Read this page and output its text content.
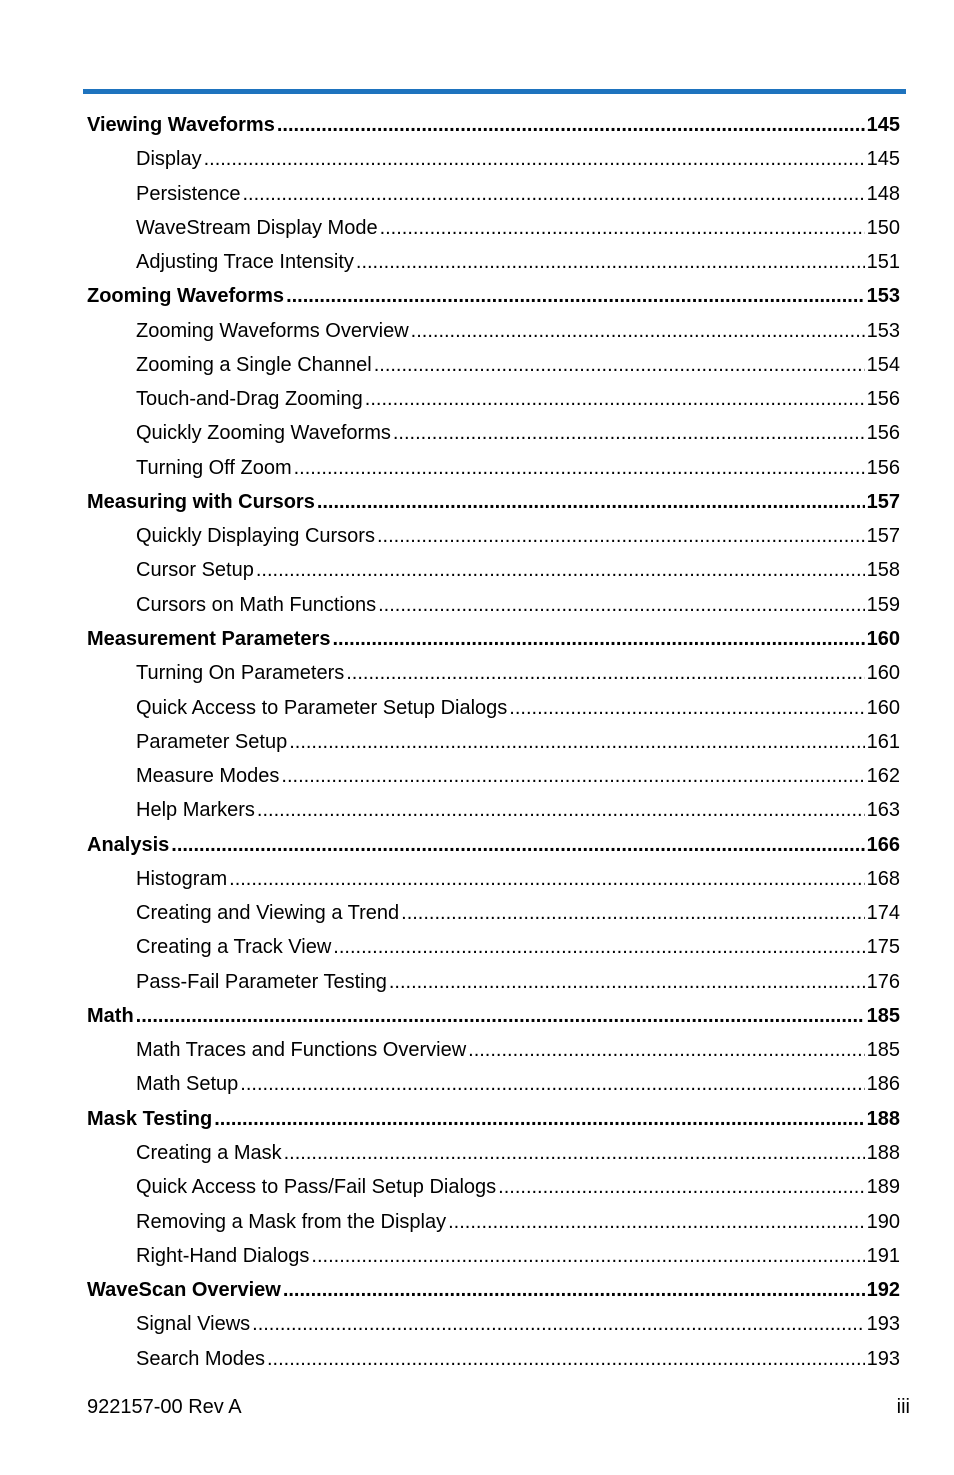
Viewing Waveforms .....	145
Display .....	145
Persistence .....	148
WaveStream Display Mode .....	150
Adjusting Trace Intensity .....	151
Zooming Waveforms .....	153
Zooming Waveforms Overview .....	153
Zooming a Single Channel .....	154
Touch-and-Drag Zooming .....	156
Quickly Zooming Waveforms .....	156
Turning Off Zoom .....	156
Measuring with Cursors .....	157
Quickly Displaying Cursors .....	157
Cursor Setup .....	158
Cursors on Math Functions .....	159
Measurement Parameters .....	160
Turning On Parameters .....	160
Quick Access to Parameter Setup Dialogs .....	160
Parameter Setup .....	161
Measure Modes .....	162
Help Markers .....	163
Analysis .....	166
Histogram .....	168
Creating and Viewing a Trend .....	174
Creating a Track View .....	175
Pass-Fail Parameter Testing .....	176
Math .....	185
Math Traces and Functions Overview .....	185
Math Setup .....	186
Mask Testing .....	188
Creating a Mask .....	188
Quick Access to Pass/Fail Setup Dialogs .....	189
Removing a Mask from the Display .....	190
Right-Hand Dialogs .....	191
WaveScan Overview .....	192
Signal Views .....	193
Search Modes .....	193
922157-00 Rev A	iii
